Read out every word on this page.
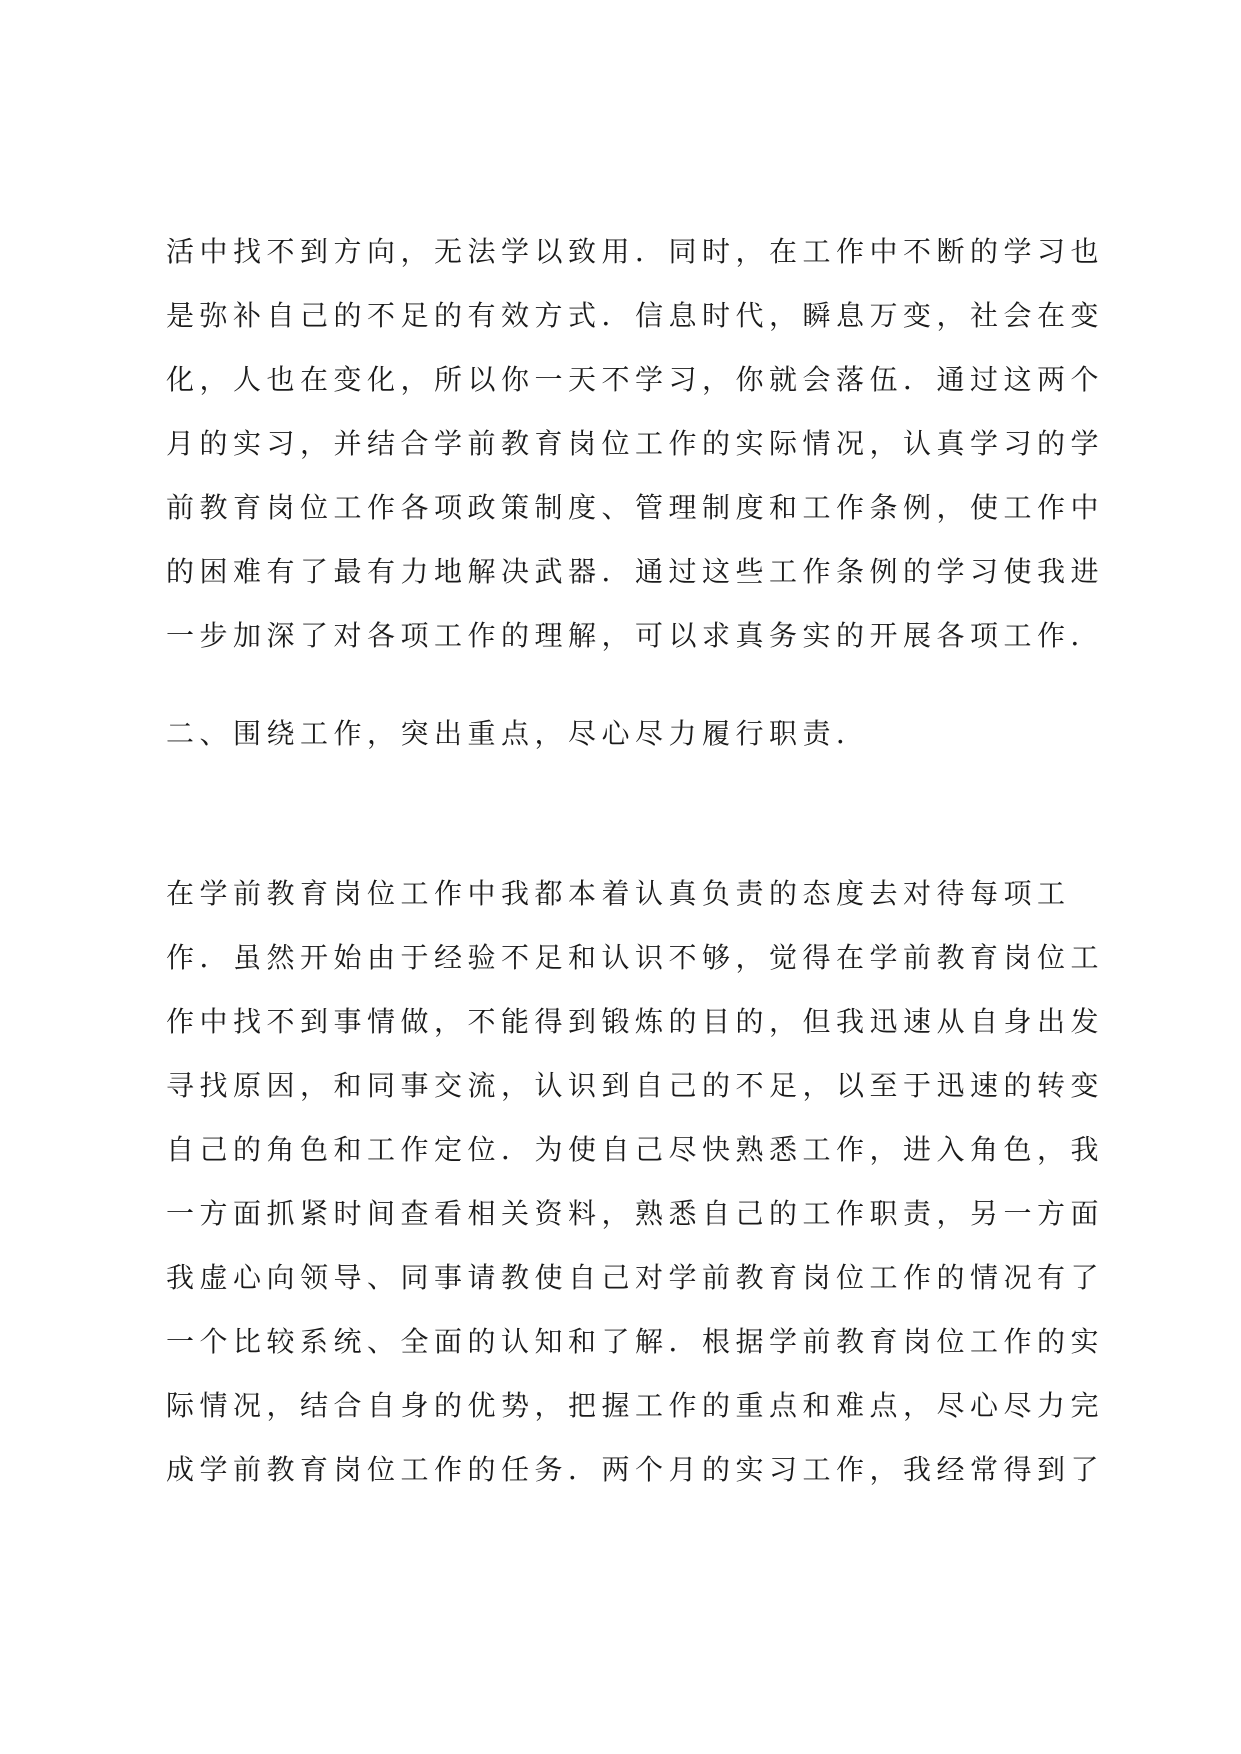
活中找不到方向，无法学以致用．同时，在工作中不断的学习也
是弥补自己的不足的有效方式．信息时代，瞬息万变，社会在变
化，人也在变化，所以你一天不学习，你就会落伍．通过这两个
月的实习，并结合学前教育岗位工作的实际情况，认真学习的学
前教育岗位工作各项政策制度、管理制度和工作条例，使工作中
的困难有了最有力地解决武器．通过这些工作条例的学习使我进
一步加深了对各项工作的理解，可以求真务实的开展各项工作．
二、围绕工作，突出重点，尽心尽力履行职责．
在学前教育岗位工作中我都本着认真负责的态度去对待每项工
作．虽然开始由于经验不足和认识不够，觉得在学前教育岗位工
作中找不到事情做，不能得到锻炼的目的，但我迅速从自身出发
寻找原因，和同事交流，认识到自己的不足，以至于迅速的转变
自己的角色和工作定位．为使自己尽快熟悉工作，进入角色，我
一方面抓紧时间查看相关资料，熟悉自己的工作职责，另一方面
我虚心向领导、同事请教使自己对学前教育岗位工作的情况有了
一个比较系统、全面的认知和了解．根据学前教育岗位工作的实
际情况，结合自身的优势，把握工作的重点和难点，尽心尽力完
成学前教育岗位工作的任务．两个月的实习工作，我经常得到了
